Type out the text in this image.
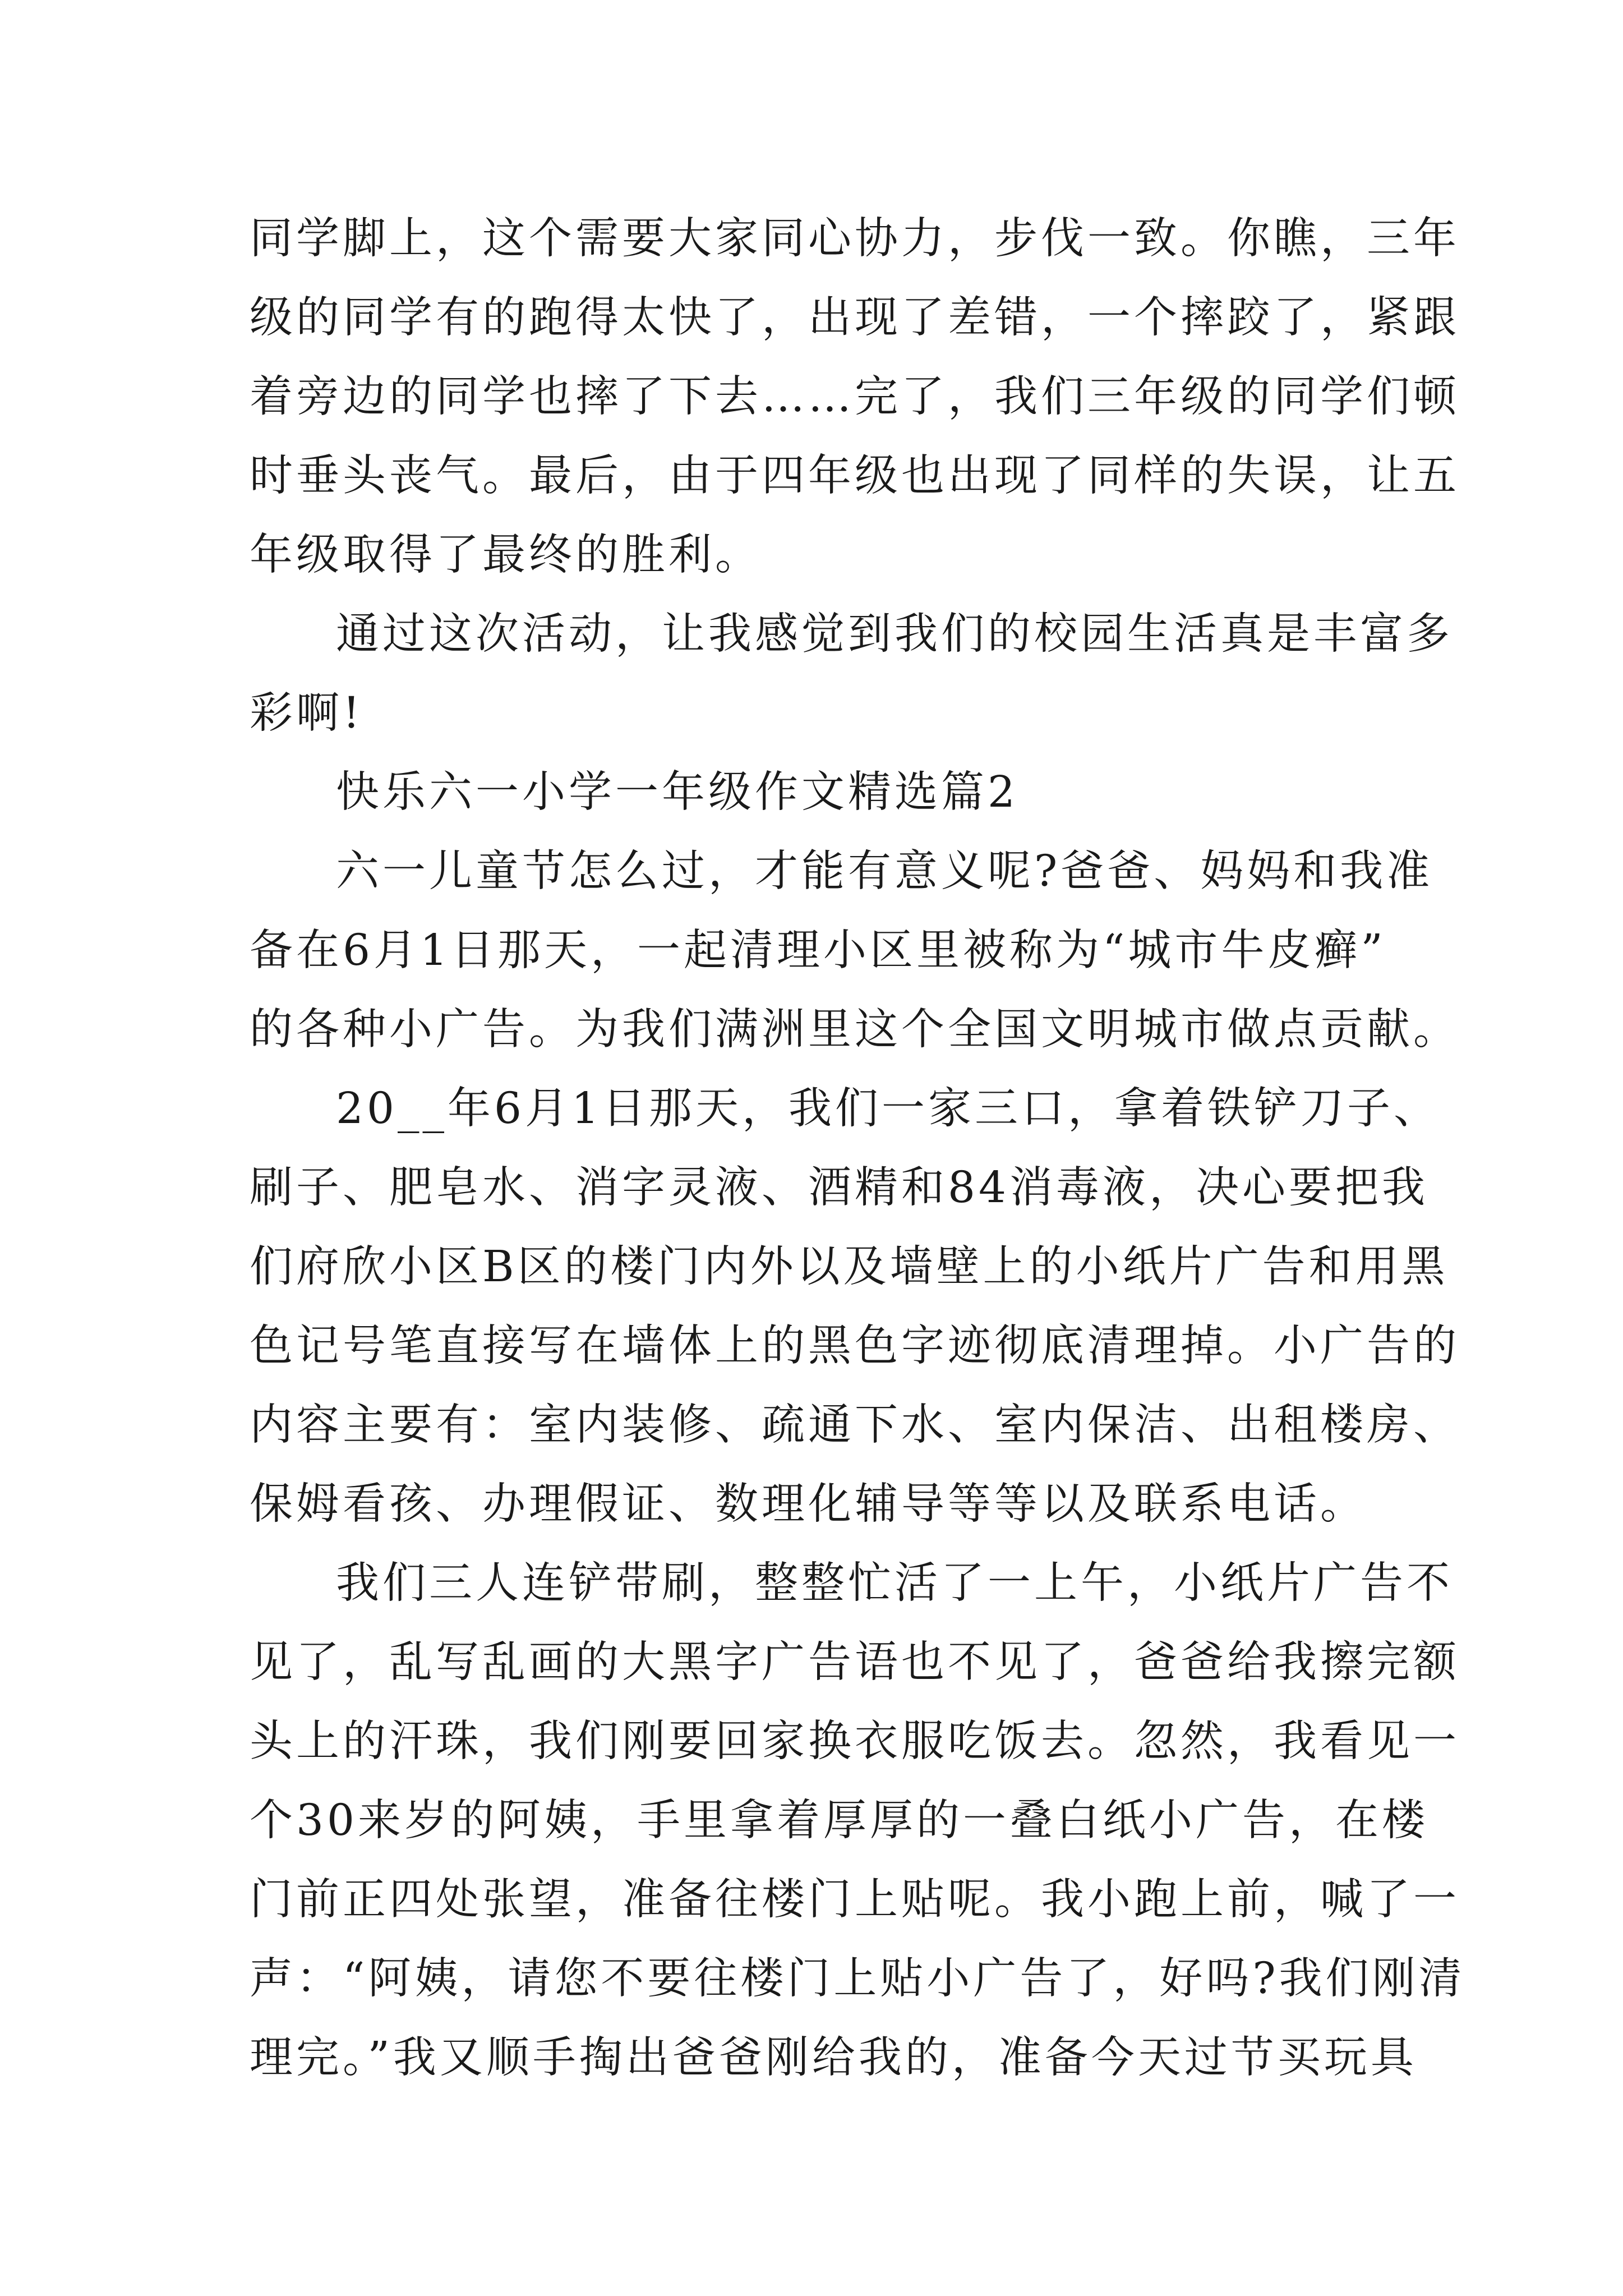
同学脚上，这个需要大家同心协力，步伐一致。你瞧，三年
级的同学有的跑得太快了，出现了差错，一个摔跤了，紧跟
着旁边的同学也摔了下去……完了，我们三年级的同学们顿
时垂头丧气。最后，由于四年级也出现了同样的失误，让五
年级取得了最终的胜利。
通过这次活动，让我感觉到我们的校园生活真是丰富多
彩啊!
快乐六一小学一年级作文精选篇2
六一儿童节怎么过，才能有意义呢?爸爸、妈妈和我准
备在6月1日那天，一起清理小区里被称为“城市牛皮癣”
的各种小广告。为我们满洲里这个全国文明城市做点贡献。
20__年6月1日那天，我们一家三口，拿着铁铲刀子、
刷子、肥皂水、消字灵液、酒精和84消毒液，决心要把我
们府欣小区B区的楼门内外以及墙壁上的小纸片广告和用黑
色记号笔直接写在墙体上的黑色字迹彻底清理掉。小广告的
内容主要有：室内装修、疏通下水、室内保洁、出租楼房、
保姆看孩、办理假证、数理化辅导等等以及联系电话。
我们三人连铲带刷，整整忙活了一上午，小纸片广告不
见了，乱写乱画的大黑字广告语也不见了，爸爸给我擦完额
头上的汗珠，我们刚要回家换衣服吃饭去。忽然，我看见一
个30来岁的阿姨，手里拿着厚厚的一叠白纸小广告，在楼
门前正四处张望，准备往楼门上贴呢。我小跑上前，喊了一
声：“阿姨，请您不要往楼门上贴小广告了，好吗?我们刚清
理完。”我又顺手掏出爸爸刚给我的，准备今天过节买玩具
